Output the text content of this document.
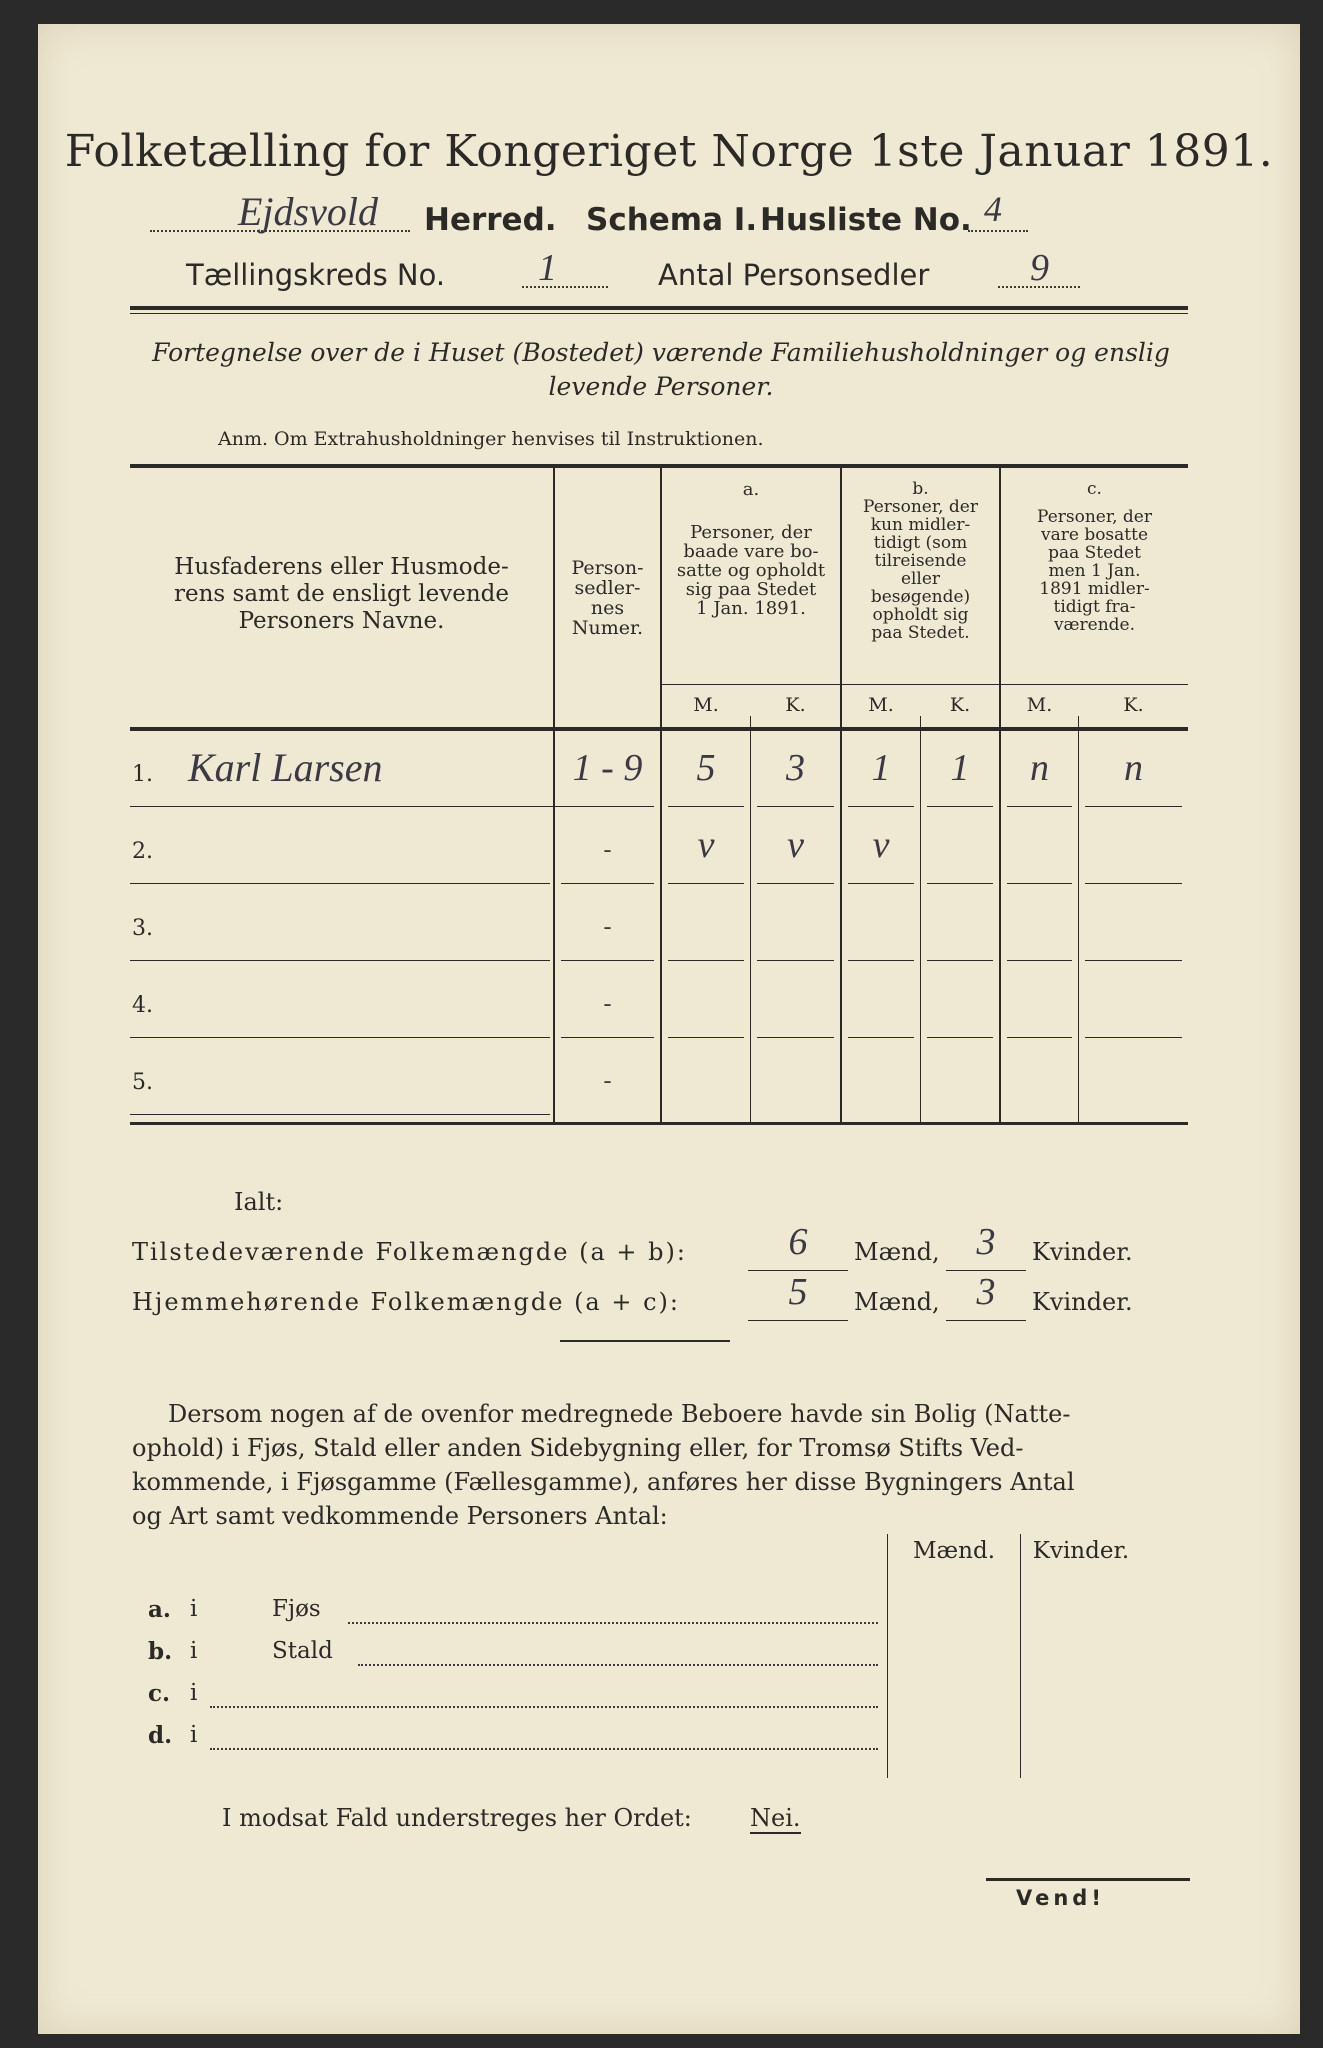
Folketælling for Kongeriget Norge 1ste Januar 1891.
Ejdsvold Herred. Schema I. Husliste No. 4
Tællingskreds No. 1	Antal Personsedler	9
Fortegnelse over de i Huset (Bostedet) værende Familiehusholdninger og enslig
levende Personer.
Anm. Om Extrahusholdninger henvises til Instruktionen.
Husfaderens eller Husmode-
rens samt de ensligt levende
Personers Navne.
Person-
sedler-
nes
Numer.
a.
Personer, der
baade vare bo-
satte og opholdt
sig paa Stedet
1 Jan. 1891.
b.
Personer, der
kun midler-
tidigt (som
tilreisende
eller
besøgende)
opholdt sig
paa Stedet.
c.
Personer, der
vare bosatte
paa Stedet
men 1 Jan.
1891 midler-
tidigt fra-
værende.
M.	K.	M.	K.	M.	K.
1. Karl Larsen	1 - 9	5	3	1	1	n	n
2.	-	v	v	v
3.	-
4.	-
5.	-
Ialt:
Tilstedeværende Folkemængde (a + b):	6	Mænd, 3	Kvinder.
Hjemmehørende Folkemængde (a + c):	5	Mænd, 3	Kvinder.
Dersom nogen af de ovenfor medregnede Beboere havde sin Bolig (Natte-
ophold) i Fjøs, Stald eller anden Sidebygning eller, for Tromsø Stifts Ved-
kommende, i Fjøsgamme (Fællesgamme), anføres her disse Bygningers Antal
og Art samt vedkommende Personers Antal:
Mænd.	Kvinder.
a. i	Fjøs
b. i	Stald
c. i
d. i
I modsat Fald understreges her Ordet: Nei.
Vend!
